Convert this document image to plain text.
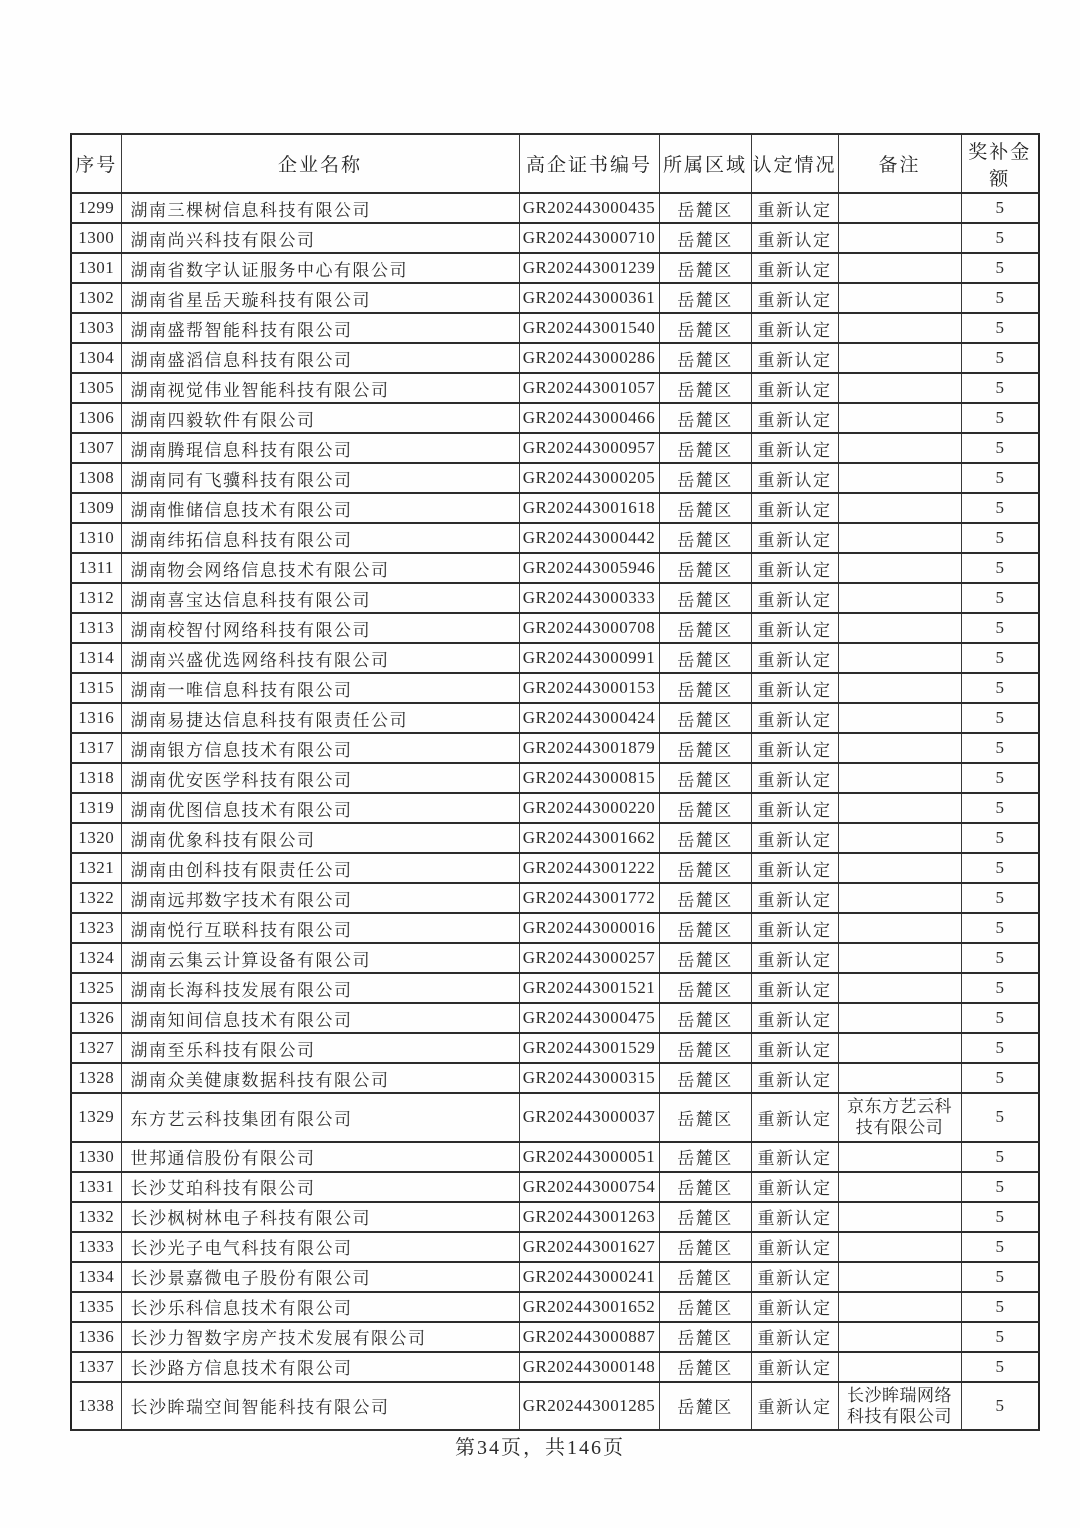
序号	企业名称	高企证书编号	所属区域	认定情况	备注	奖补金额
1299	湖南三棵树信息科技有限公司	GR202443000435	岳麓区	重新认定		5
1300	湖南尚兴科技有限公司	GR202443000710	岳麓区	重新认定		5
1301	湖南省数字认证服务中心有限公司	GR202443001239	岳麓区	重新认定		5
1302	湖南省星岳天璇科技有限公司	GR202443000361	岳麓区	重新认定		5
1303	湖南盛帮智能科技有限公司	GR202443001540	岳麓区	重新认定		5
1304	湖南盛滔信息科技有限公司	GR202443000286	岳麓区	重新认定		5
1305	湖南视觉伟业智能科技有限公司	GR202443001057	岳麓区	重新认定		5
1306	湖南四毅软件有限公司	GR202443000466	岳麓区	重新认定		5
1307	湖南腾琨信息科技有限公司	GR202443000957	岳麓区	重新认定		5
1308	湖南同有飞骥科技有限公司	GR202443000205	岳麓区	重新认定		5
1309	湖南惟储信息技术有限公司	GR202443001618	岳麓区	重新认定		5
1310	湖南纬拓信息科技有限公司	GR202443000442	岳麓区	重新认定		5
1311	湖南物会网络信息技术有限公司	GR202443005946	岳麓区	重新认定		5
1312	湖南喜宝达信息科技有限公司	GR202443000333	岳麓区	重新认定		5
1313	湖南校智付网络科技有限公司	GR202443000708	岳麓区	重新认定		5
1314	湖南兴盛优选网络科技有限公司	GR202443000991	岳麓区	重新认定		5
1315	湖南一唯信息科技有限公司	GR202443000153	岳麓区	重新认定		5
1316	湖南易捷达信息科技有限责任公司	GR202443000424	岳麓区	重新认定		5
1317	湖南银方信息技术有限公司	GR202443001879	岳麓区	重新认定		5
1318	湖南优安医学科技有限公司	GR202443000815	岳麓区	重新认定		5
1319	湖南优图信息技术有限公司	GR202443000220	岳麓区	重新认定		5
1320	湖南优象科技有限公司	GR202443001662	岳麓区	重新认定		5
1321	湖南由创科技有限责任公司	GR202443001222	岳麓区	重新认定		5
1322	湖南远邦数字技术有限公司	GR202443001772	岳麓区	重新认定		5
1323	湖南悦行互联科技有限公司	GR202443000016	岳麓区	重新认定		5
1324	湖南云集云计算设备有限公司	GR202443000257	岳麓区	重新认定		5
1325	湖南长海科技发展有限公司	GR202443001521	岳麓区	重新认定		5
1326	湖南知间信息技术有限公司	GR202443000475	岳麓区	重新认定		5
1327	湖南至乐科技有限公司	GR202443001529	岳麓区	重新认定		5
1328	湖南众美健康数据科技有限公司	GR202443000315	岳麓区	重新认定		5
1329	东方艺云科技集团有限公司	GR202443000037	岳麓区	重新认定	京东方艺云科技有限公司	5
1330	世邦通信股份有限公司	GR202443000051	岳麓区	重新认定		5
1331	长沙艾珀科技有限公司	GR202443000754	岳麓区	重新认定		5
1332	长沙枫树林电子科技有限公司	GR202443001263	岳麓区	重新认定		5
1333	长沙光子电气科技有限公司	GR202443001627	岳麓区	重新认定		5
1334	长沙景嘉微电子股份有限公司	GR202443000241	岳麓区	重新认定		5
1335	长沙乐科信息技术有限公司	GR202443001652	岳麓区	重新认定		5
1336	长沙力智数字房产技术发展有限公司	GR202443000887	岳麓区	重新认定		5
1337	长沙路方信息技术有限公司	GR202443000148	岳麓区	重新认定		5
1338	长沙眸瑞空间智能科技有限公司	GR202443001285	岳麓区	重新认定	长沙眸瑞网络科技有限公司	5
第34页，共146页
